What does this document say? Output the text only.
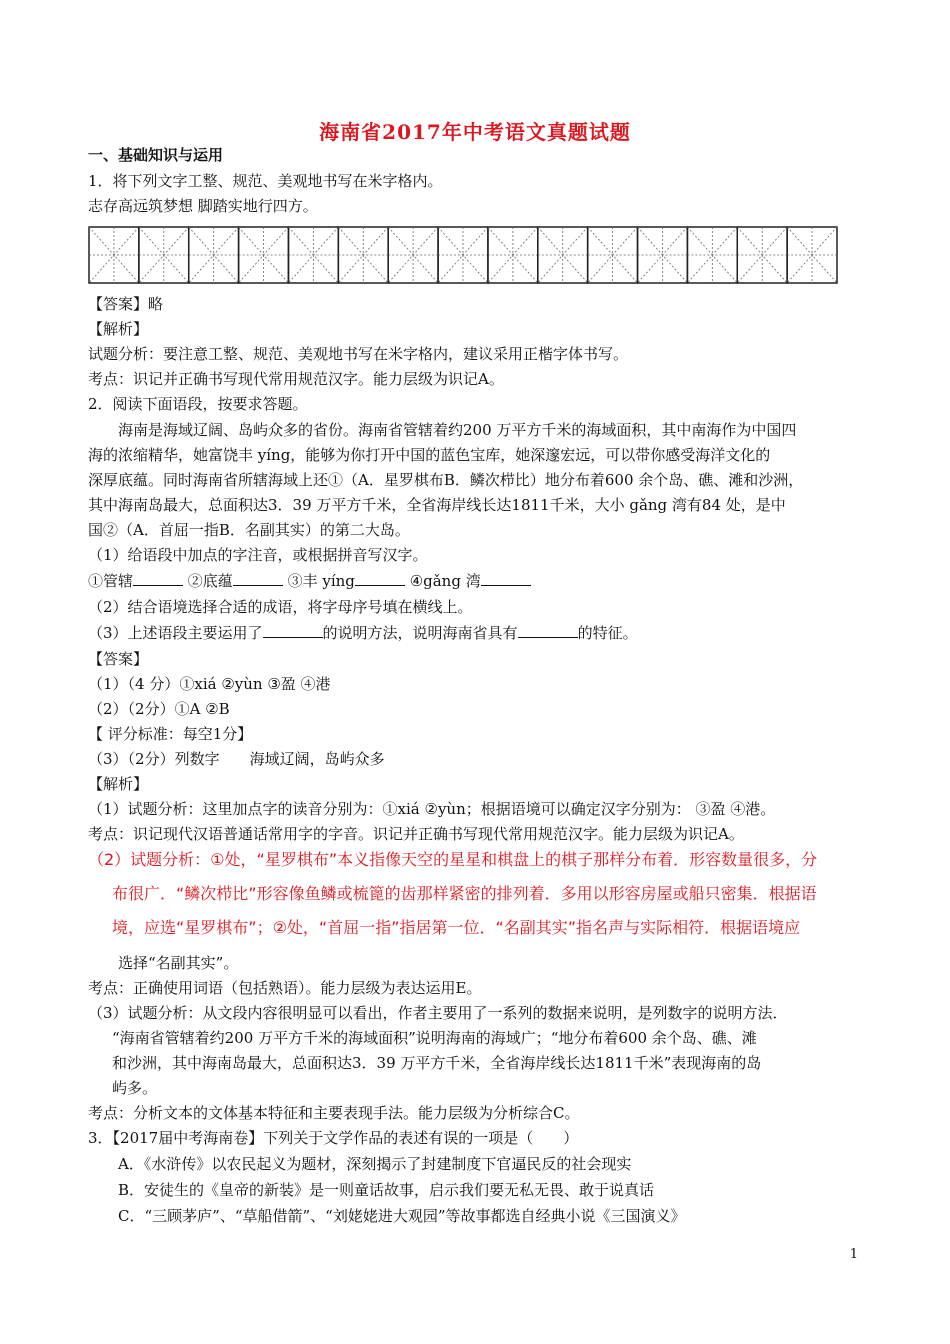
海南省2017年中考语文真题试题
一、基础知识与运用
1．将下列文字工整、规范、美观地书写在米字格内。
志存高远筑梦想 脚踏实地行四方。
【答案】略
【解析】
试题分析：要注意工整、规范、美观地书写在米字格内，建议采用正楷字体书写。
考点：识记并正确书写现代常用规范汉字。能力层级为识记A。
2．阅读下面语段，按要求答题。
海南是海域辽阔、岛屿众多的省份。海南省管辖着约200 万平方千米的海域面积，其中南海作为中国四
海的浓缩精华，她富饶丰 yíng，能够为你打开中国的蓝色宝库，她深邃宏远，可以带你感受海洋文化的
深厚底蕴。同时海南省所辖海域上还①（A．星罗棋布B．鳞次栉比）地分布着600 余个岛、礁、滩和沙洲，
其中海南岛最大，总面积达3．39 万平方千米，全省海岸线长达1811千米，大小 gǎng 湾有84 处，是中
国②（A．首屈一指B．名副其实）的第二大岛。
（1）给语段中加点的字注音，或根据拼音写汉字。
①管辖	②底蕴	③丰 yíng	④gǎng 湾
（2）结合语境选择合适的成语，将字母序号填在横线上。
（3）上述语段主要运用了	的说明方法，说明海南省具有	的特征。
【答案】
（1）（4 分）①xiá ②yùn ③盈 ④港
（2）（2分）①A ②B
【 评分标准：每空1分】
（3）（2分）列数字　　海域辽阔，岛屿众多
【解析】
（1）试题分析：这里加点字的读音分别为：①xiá ②yùn；根据语境可以确定汉字分别为： ③盈 ④港。
考点：识记现代汉语普通话常用字的字音。识记并正确书写现代常用规范汉字。能力层级为识记A。
（2）试题分析：①处，“星罗棋布”本义指像天空的星星和棋盘上的棋子那样分布着．形容数量很多，分
布很广．“鳞次栉比”形容像鱼鳞或梳篦的齿那样紧密的排列着．多用以形容房屋或船只密集．根据语
境，应选“星罗棋布”；②处，“首屈一指”指居第一位．“名副其实”指名声与实际相符．根据语境应
选择“名副其实”。
考点：正确使用词语（包括熟语）。能力层级为表达运用E。
（3）试题分析：从文段内容很明显可以看出，作者主要用了一系列的数据来说明，是列数字的说明方法．
“海南省管辖着约200 万平方千米的海域面积”说明海南的海域广；“地分布着600 余个岛、礁、滩
和沙洲，其中海南岛最大，总面积达3．39 万平方千米，全省海岸线长达1811千米”表现海南的岛
屿多。
考点：分析文本的文体基本特征和主要表现手法。能力层级为分析综合C。
3．【2017届中考海南卷】下列关于文学作品的表述有误的一项是（　　）
A．《水浒传》以农民起义为题材，深刻揭示了封建制度下官逼民反的社会现实
B．安徒生的《皇帝的新装》是一则童话故事，启示我们要无私无畏、敢于说真话
C．“三顾茅庐”、“草船借箭”、“刘姥姥进大观园”等故事都选自经典小说《三国演义》
1
